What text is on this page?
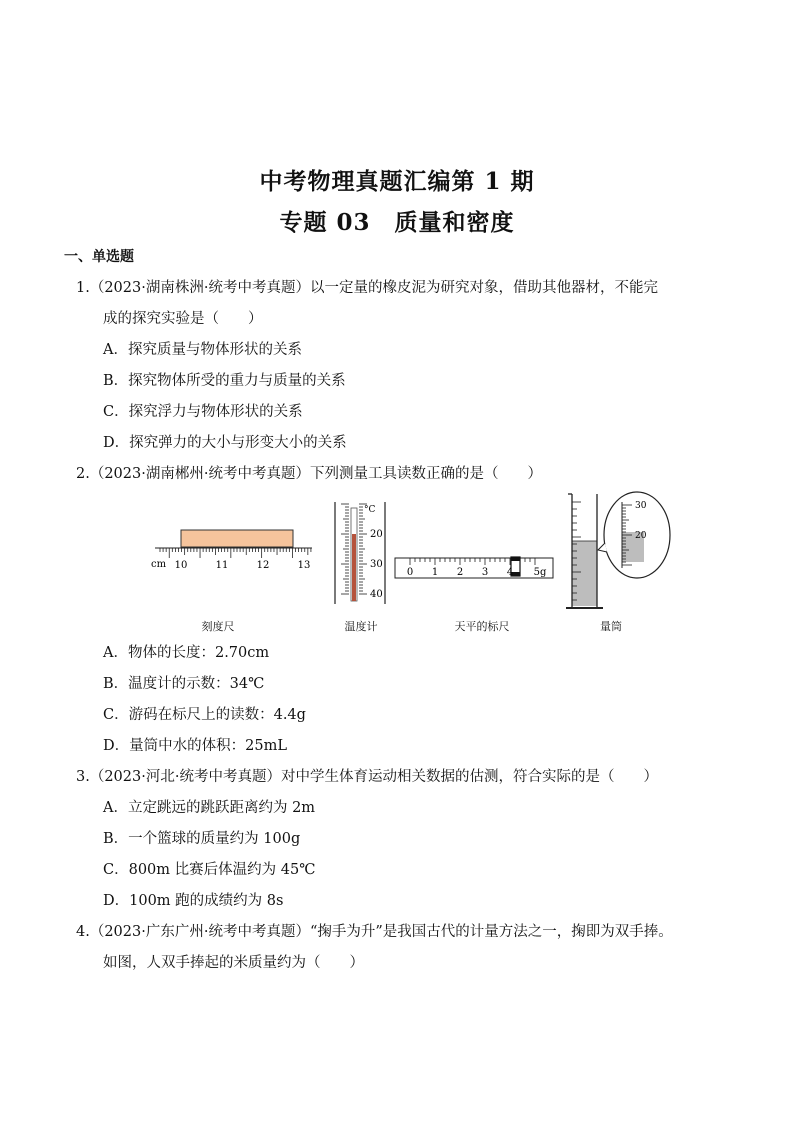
中考物理真题汇编第 1 期
专题 03　质量和密度
一、单选题
1.（2023·湖南株洲·统考中考真题）以一定量的橡皮泥为研究对象，借助其他器材，不能完
成的探究实验是（　　）
A．探究质量与物体形状的关系
B．探究物体所受的重力与质量的关系
C．探究浮力与物体形状的关系
D．探究弹力的大小与形变大小的关系
2.（2023·湖南郴州·统考中考真题）下列测量工具读数正确的是（　　）
cm 10	11	12	13
°C
20
30
40
0 1 2 3 4 5g
30
20
刻度尺	温度计	天平的标尺	量筒
A．物体的长度：2.70cm
B．温度计的示数：34℃
C．游码在标尺上的读数：4.4g
D．量筒中水的体积：25mL
3.（2023·河北·统考中考真题）对中学生体育运动相关数据的估测，符合实际的是（　　）
A．立定跳远的跳跃距离约为 2m
B．一个篮球的质量约为 100g
C．800m 比赛后体温约为 45℃
D．100m 跑的成绩约为 8s
4.（2023·广东广州·统考中考真题）“掬手为升”是我国古代的计量方法之一，掬即为双手捧。
如图，人双手捧起的米质量约为（　　）
